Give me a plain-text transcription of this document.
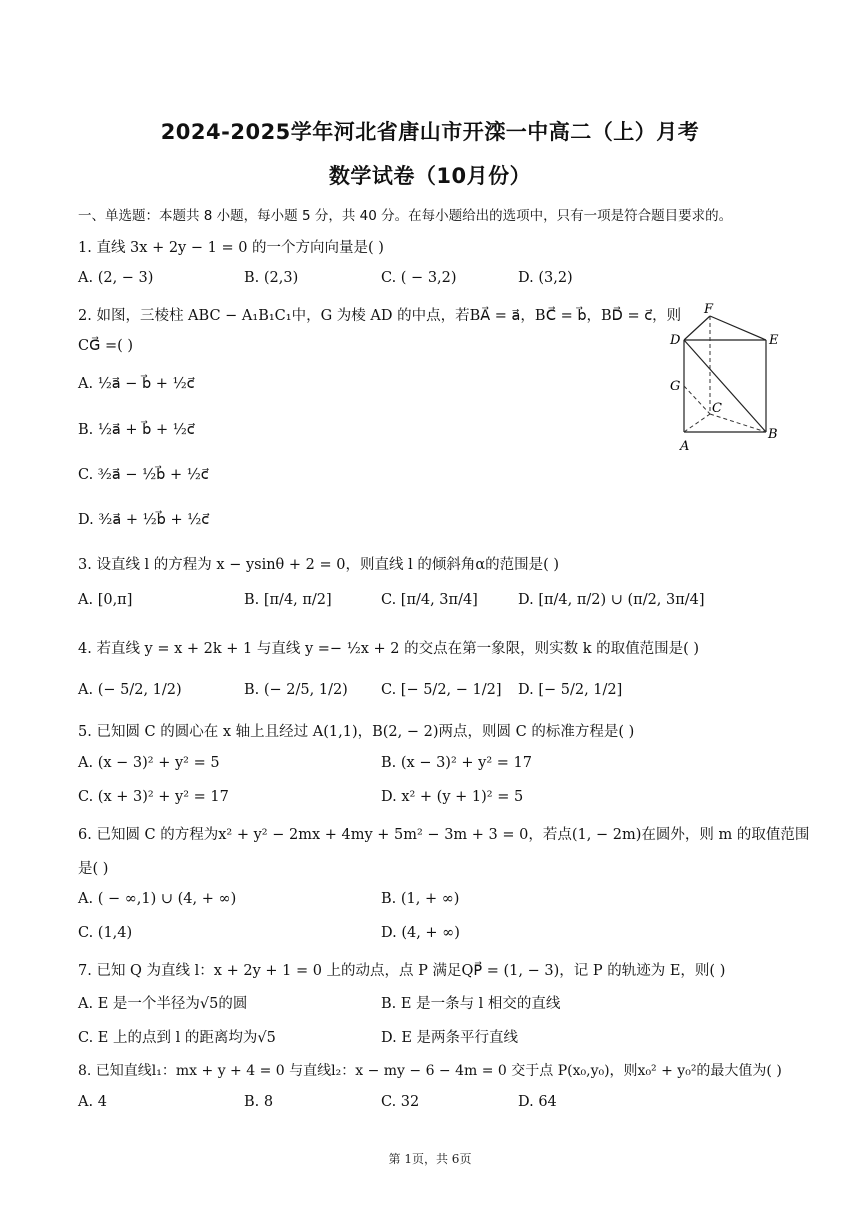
2024-2025学年河北省唐山市开滦一中高二（上）月考
数学试卷（10月份）
一、单选题：本题共 8 小题，每小题 5 分，共 40 分。在每小题给出的选项中，只有一项是符合题目要求的。
1. 直线 3x + 2y − 1 = 0 的一个方向向量是( )
A. (2, − 3)	B. (2,3)	C. ( − 3,2)	D. (3,2)
2. 如图，三棱柱 ABC − A₁B₁C₁中，G 为棱 AD 的中点，若BA⃗ = a⃗，BC⃗ = b⃗，BD⃗ = c⃗，则
CG⃗ =( )
A. ½a⃗ − b⃗ + ½c⃗
B. ½a⃗ + b⃗ + ½c⃗
C. ³⁄₂a⃗ − ½b⃗ + ½c⃗
D. ³⁄₂a⃗ + ½b⃗ + ½c⃗
F
D	E
G
C
A
B
3. 设直线 l 的方程为 x − ysinθ + 2 = 0，则直线 l 的倾斜角α的范围是( )
A. [0,π]	B. [π/4, π/2]	C. [π/4, 3π/4]	D. [π/4, π/2) ∪ (π/2, 3π/4]
4. 若直线 y = x + 2k + 1 与直线 y =− ½x + 2 的交点在第一象限，则实数 k 的取值范围是( )
A. (− 5/2, 1/2)	B. (− 2/5, 1/2) C. [− 5/2, − 1/2] D. [− 5/2, 1/2]
5. 已知圆 C 的圆心在 x 轴上且经过 A(1,1)，B(2, − 2)两点，则圆 C 的标准方程是( )
A. (x − 3)² + y² = 5	B. (x − 3)² + y² = 17
C. (x + 3)² + y² = 17	D. x² + (y + 1)² = 5
6. 已知圆 C 的方程为x² + y² − 2mx + 4my + 5m² − 3m + 3 = 0，若点(1, − 2m)在圆外，则 m 的取值范围
是( )
A. ( − ∞,1) ∪ (4, + ∞)	B. (1, + ∞)
C. (1,4)	D. (4, + ∞)
7. 已知 Q 为直线 l：x + 2y + 1 = 0 上的动点，点 P 满足QP⃗ = (1, − 3)，记 P 的轨迹为 E，则( )
A. E 是一个半径为√5的圆	B. E 是一条与 l 相交的直线
C. E 上的点到 l 的距离均为√5	D. E 是两条平行直线
8. 已知直线l₁：mx + y + 4 = 0 与直线l₂：x − my − 6 − 4m = 0 交于点 P(x₀,y₀)，则x₀² + y₀²的最大值为( )
A. 4	B. 8	C. 32	D. 64
第 1页，共 6页
